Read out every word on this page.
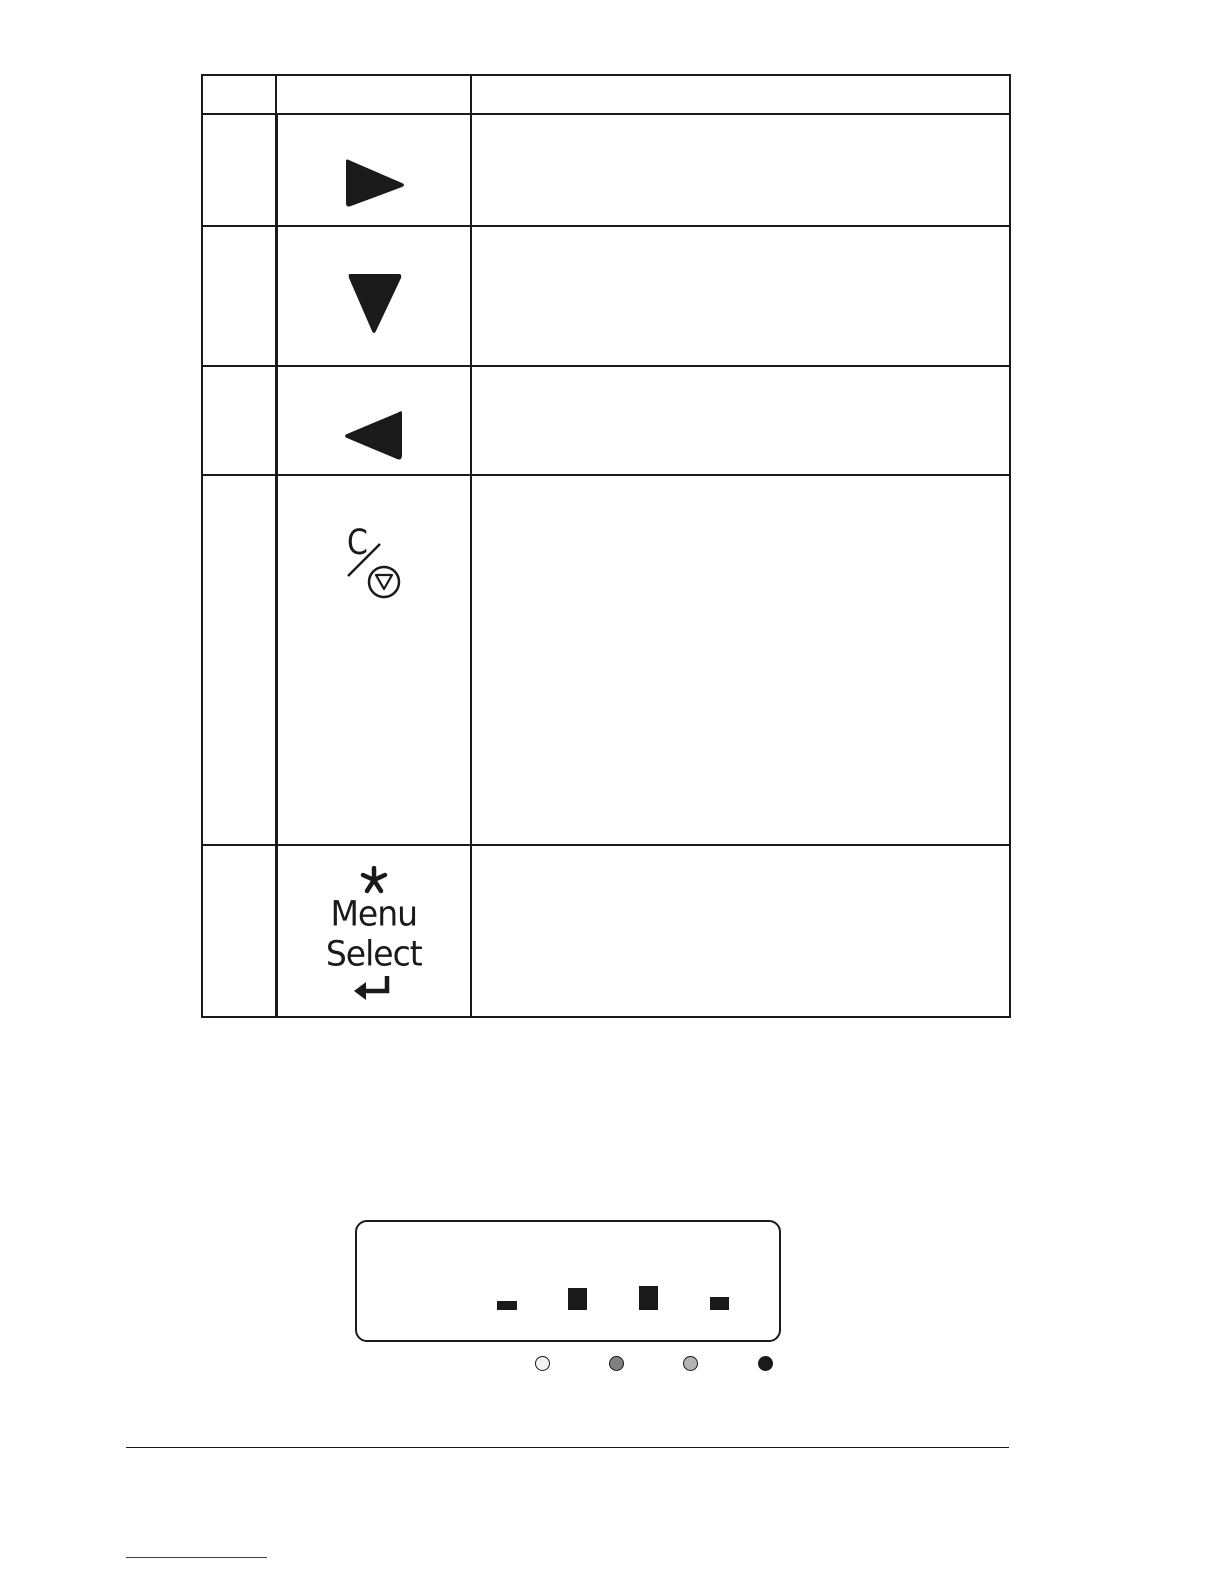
C	

	Menu
Select	
